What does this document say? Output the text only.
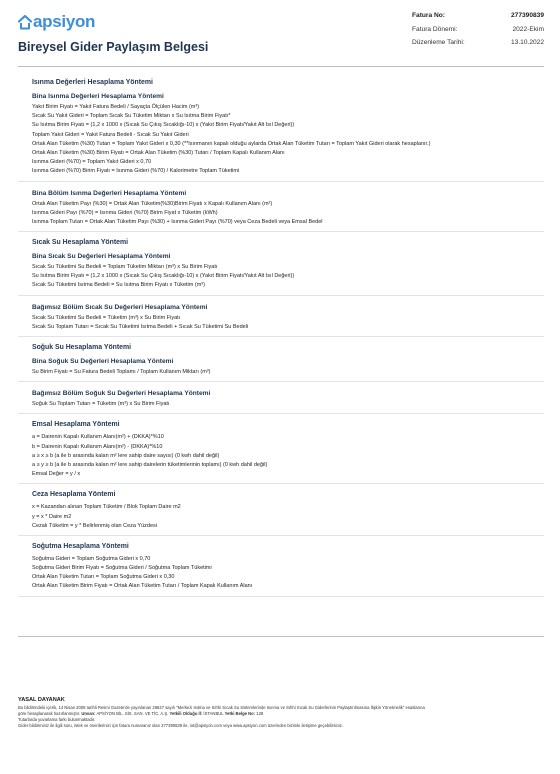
apsiyon
Bireysel Gider Paylaşım Belgesi
Fatura No:	277390839
Fatura Dönemi:	2022-Ekim
Düzenleme Tarihi:	13.10.2022
Isınma Değerleri Hesaplama Yöntemi
Bina Isınma Değerleri Hesaplama Yöntemi
Yakıt Birim Fiyatı = Yakıt Fatura Bedeli / Sayaçta Ölçülen Hacim (m³)
Sıcak Su Yakıt Gideri = Toplam Sıcak Su Tüketim Miktarı x Su Isıtma Birim Fiyatı*
Su Isıtma Birim Fiyatı = (1,2 x 1000 x (Sıcak Su Çıkış Sıcaklığı-10) x (Yakıt Birim Fiyatı/Yakıt Alt Isıl Değeri))
Toplam Yakıt Gideri = Yakıt Fatura Bedeli - Sıcak Su Yakıt Gideri
Ortak Alan Tüketim (%30) Tutarı = Toplam Yakıt Gideri x 0,30 (**Isınmanın kapalı olduğu aylarda Ortak Alan Tüketim Tutarı = Toplam Yakıt Gideri olarak hesaplanır.)
Ortak Alan Tüketim (%30) Birim Fiyatı = Ortak Alan Tüketim (%30) Tutarı / Toplam Kapalı Kullanım Alanı
Isınma Gideri (%70) = Toplam Yakıt Gideri x 0,70
Isınma Gideri (%70) Birim Fiyatı = Isınma Gideri (%70) / Kalorimetre Toplam Tüketimi
Bina Bölüm Isınma Değerleri Hesaplama Yöntemi
Ortak Alan Tüketim Payı (%30) = Ortak Alan Tüketim(%30)Birim Fiyatı x Kapalı Kullanım Alanı (m²)
Isınma Gideri Payı (%70) = Isınma Gideri (%70) Birim Fiyat x Tüketim (kWh)
Isınma Toplam Tutarı = Ortak Alan Tüketim Payı (%30) + Isınma Gideri Payı (%70) veya Ceza Bedeli veya Emsal Bedel
Sıcak Su Hesaplama Yöntemi
Bina Sıcak Su Değerleri Hesaplama Yöntemi
Sıcak Su Tüketimi Su Bedeli = Toplam Tüketim Miktarı (m³) x Su Birim Fiyatı
Su Isıtma Birim Fiyatı = (1,2 x 1000 x (Sıcak Su Çıkış Sıcaklığı-10) x (Yakıt Birim Fiyatı/Yakıt Alt Isıl Değeri))
Sıcak Su Tüketimi Isıtma Bedeli = Su Isıtma Birim Fiyatı x Tüketim (m³)
Bağımsız Bölüm Sıcak Su Değerleri Hesaplama Yöntemi
Sıcak Su Tüketimi Su Bedeli = Tüketim (m³) x Su Birim Fiyatı
Sıcak Su Toplam Tutarı = Sıcak Su Tüketimi Isıtma Bedeli + Sıcak Su Tüketimi Su Bedeli
Soğuk Su Hesaplama Yöntemi
Bina Soğuk Su Değerleri Hesaplama Yöntemi
Su Birim Fiyatı = Su Fatura Bedeli Toplamı / Toplam Kullanım Miktarı (m³)
Bağımsız Bölüm Soğuk Su Değerleri Hesaplama Yöntemi
Soğuk Su Toplam Tutarı = Tüketim (m³) x Su Birim Fiyatı
Emsal Hesaplama Yöntemi
a = Dairenin Kapalı Kullanım Alanı(m²) + (DKKA)*%10
b = Dairenin Kapalı Kullanım Alanı(m²) - (DKKA)*%10
a ≥ x ≥ b (a ile b arasında kalan m² lere sahip daire sayısı) (0 kwh dahil değil)
a ≥ y ≥ b (a ile b arasında kalan m² lere sahip dairelerin tüketimlerinin toplamı) (0 kwh dahil değil)
Emsal Değer = y / x
Ceza Hesaplama Yöntemi
x = Kazandan alınan Toplam Tüketim / Blok Toplam Daire m2
y = x * Daire m2
Cezalı Tüketim = y * Belirlenmiş olan Ceza Yüzdesi
Soğutma Hesaplama Yöntemi
Soğutma Gideri = Toplam Soğutma Gideri x 0,70
Soğutma Gideri Birim Fiyatı = Soğutma Gideri / Soğutma Toplam Tüketimi
Ortak Alan Tüketim Tutarı = Toplam Soğutma Gideri x 0,30
Ortak Alan Tüketim Birim Fiyatı = Ortak Alan Tüketim Tutarı / Toplam Kapalı Kullanım Alanı
YASAL DAYANAK
Bu bildirimdeki içerik, 14 Nisan 2008 tarihli Resmi Gazete'de yayınlanan 26847 sayılı "Merkezi Isıtma ve Sıhhi Sıcak Su Sistemlerinde Isınma ve Sıhhi Sıcak Su Giderlerinin Paylaştırılmasına İlişkin Yönetmelik" esaslarına
göre hesaplanarak hazırlanmıştır. Unvan: APSİYON BİL. SİS. SAN. VE TİC. A.Ş. Yetkili Olduğu İl: İSTANBUL Yetki Belge No: 128
Tutarlarda yuvarlama farkı bulunmaktadır.
Gider bildiriminiz ile ilgili soru, istek ve önerilerinizi için fatura numaranız olan 277390839 ile, iot@apsiyon.com veya www.apsiyon.com üzerinden bizimle iletişime geçebilirsiniz.
